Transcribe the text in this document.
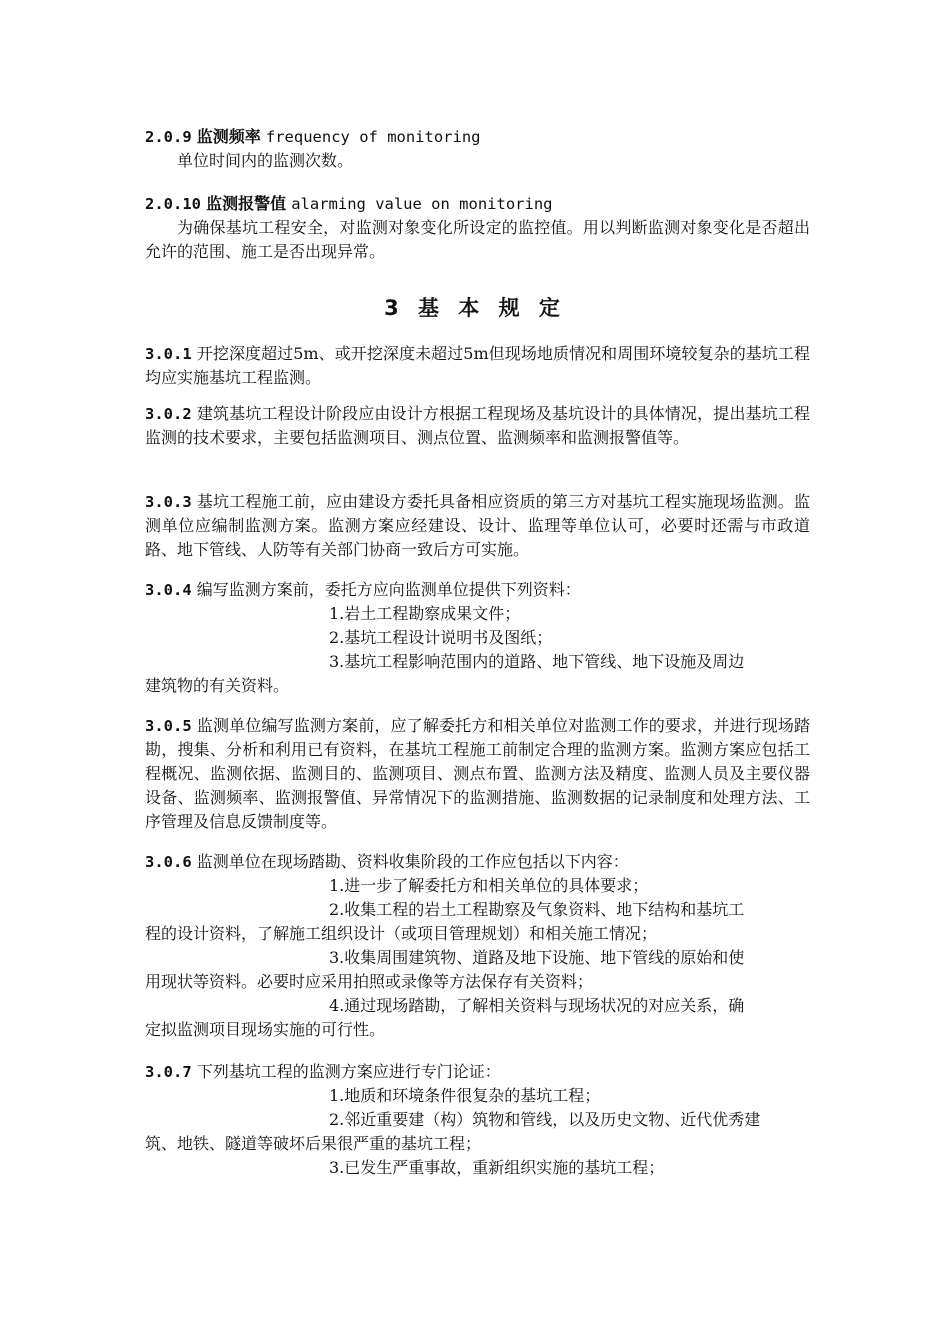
2.0.9 监测频率 frequency of monitoring
单位时间内的监测次数。
2.0.10 监测报警值 alarming value on monitoring
为确保基坑工程安全，对监测对象变化所设定的监控值。用以判断监测对象变化是否超出允许的范围、施工是否出现异常。
3 基 本 规 定
3.0.1 开挖深度超过5m、或开挖深度未超过5m但现场地质情况和周围环境较复杂的基坑工程均应实施基坑工程监测。
3.0.2 建筑基坑工程设计阶段应由设计方根据工程现场及基坑设计的具体情况，提出基坑工程监测的技术要求，主要包括监测项目、测点位置、监测频率和监测报警值等。
3.0.3 基坑工程施工前，应由建设方委托具备相应资质的第三方对基坑工程实施现场监测。监测单位应编制监测方案。监测方案应经建设、设计、监理等单位认可，必要时还需与市政道路、地下管线、人防等有关部门协商一致后方可实施。
3.0.4 编写监测方案前，委托方应向监测单位提供下列资料：
1.岩土工程勘察成果文件；
2.基坑工程设计说明书及图纸；
3.基坑工程影响范围内的道路、地下管线、地下设施及周边
建筑物的有关资料。
3.0.5 监测单位编写监测方案前，应了解委托方和相关单位对监测工作的要求，并进行现场踏勘，搜集、分析和利用已有资料，在基坑工程施工前制定合理的监测方案。监测方案应包括工程概况、监测依据、监测目的、监测项目、测点布置、监测方法及精度、监测人员及主要仪器设备、监测频率、监测报警值、异常情况下的监测措施、监测数据的记录制度和处理方法、工序管理及信息反馈制度等。
3.0.6 监测单位在现场踏勘、资料收集阶段的工作应包括以下内容：
1.进一步了解委托方和相关单位的具体要求；
2.收集工程的岩土工程勘察及气象资料、地下结构和基坑工
程的设计资料，了解施工组织设计（或项目管理规划）和相关施工情况；
3.收集周围建筑物、道路及地下设施、地下管线的原始和使
用现状等资料。必要时应采用拍照或录像等方法保存有关资料；
4.通过现场踏勘，了解相关资料与现场状况的对应关系，确
定拟监测项目现场实施的可行性。
3.0.7 下列基坑工程的监测方案应进行专门论证：
1.地质和环境条件很复杂的基坑工程；
2.邻近重要建（构）筑物和管线，以及历史文物、近代优秀建
筑、地铁、隧道等破坏后果很严重的基坑工程；
3.已发生严重事故，重新组织实施的基坑工程；
